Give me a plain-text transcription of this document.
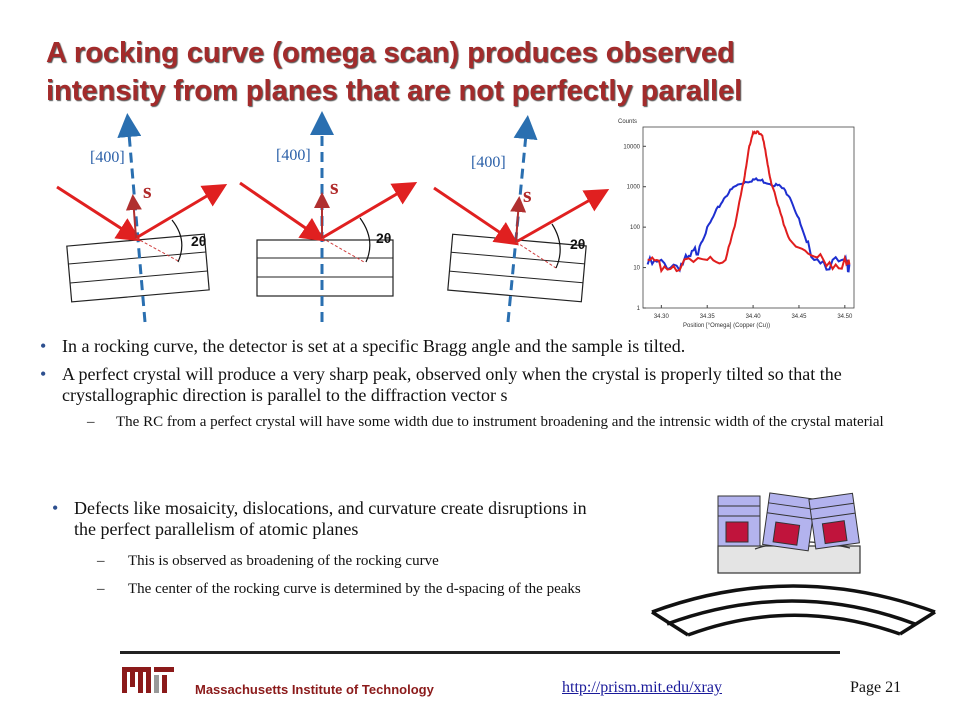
A rocking curve (omega scan) produces observed
intensity from planes that are not perfectly parallel
[400]
s
2θ
[400]
s
2θ
[400]
s
2θ
Counts
1
10
100
1000
10000
34.30	34.35	34.40	34.45	34.50
Position [°Omega] (Copper (Cu))
• In a rocking curve, the detector is set at a specific Bragg angle and the sample is tilted.
• A perfect crystal will produce a very sharp peak, observed only when the crystal is properly tilted so that the crystallographic direction is parallel to the diffraction vector s
– The RC from a perfect crystal will have some width due to instrument broadening and the intrensic width of the crystal material
• Defects like mosaicity, dislocations, and curvature create disruptions in the perfect parallelism of atomic planes
– This is observed as broadening of the rocking curve
– The center of the rocking curve is determined by the d-spacing of the peaks
Massachusetts Institute of Technology	http://prism.mit.edu/xray	Page 21
